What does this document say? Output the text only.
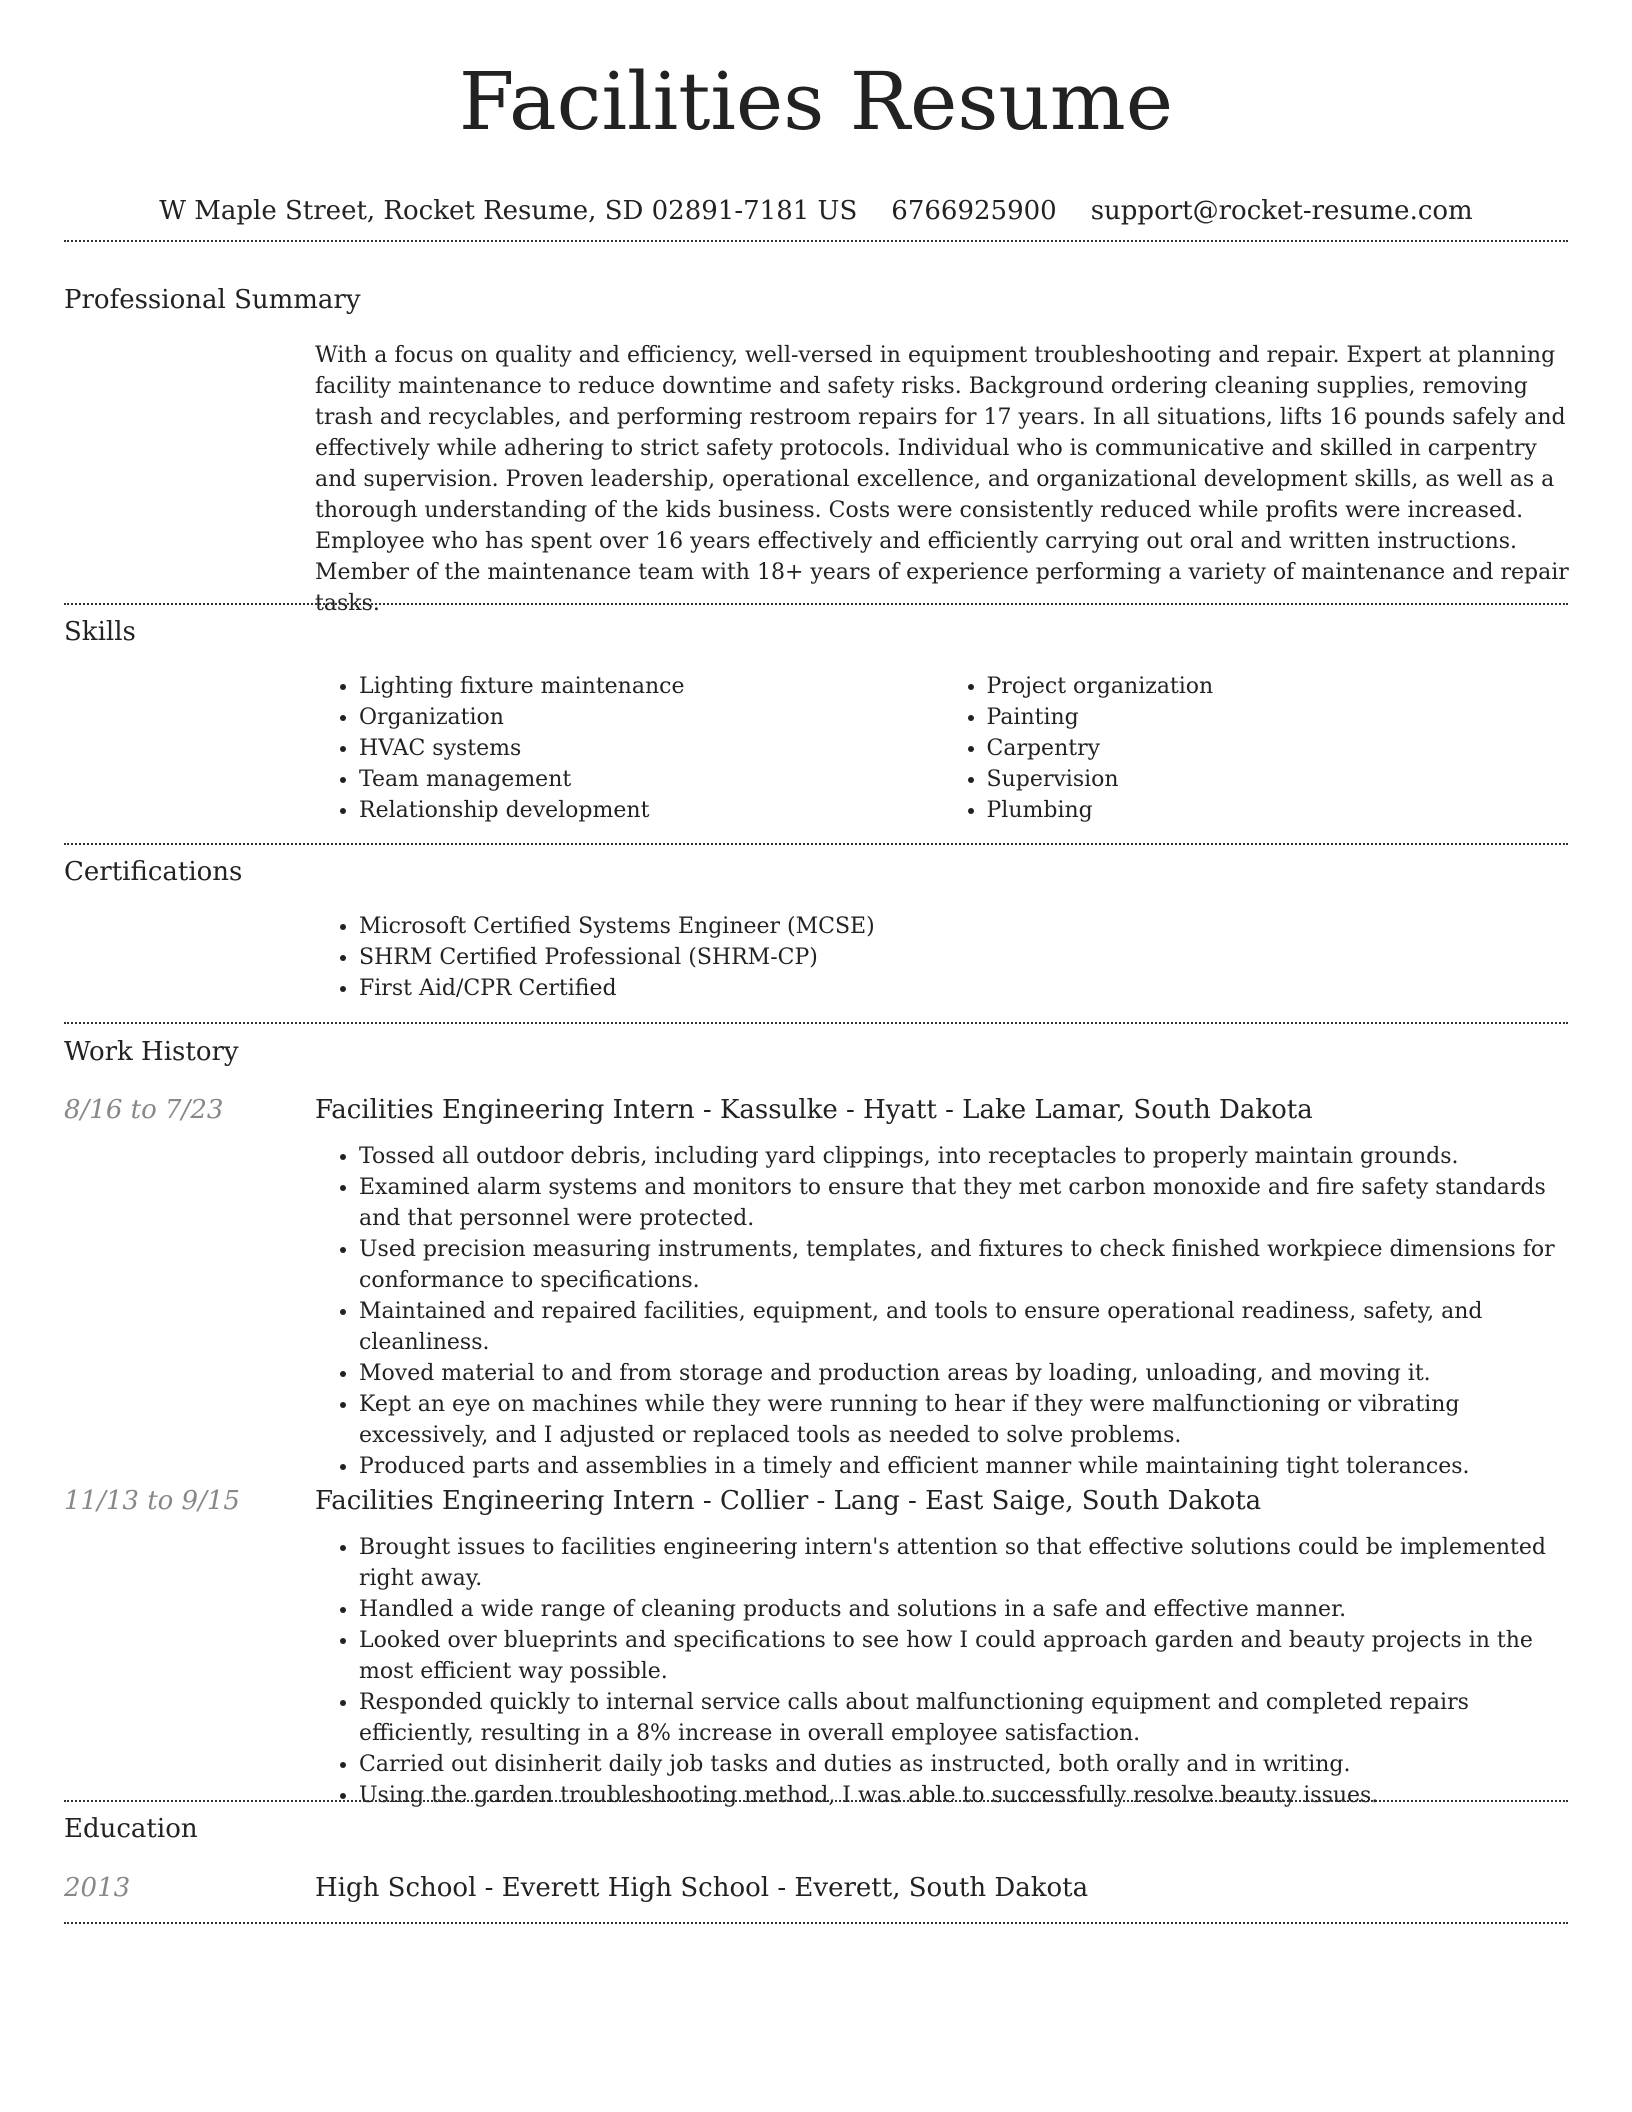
Facilities Resume
W Maple Street, Rocket Resume, SD 02891-7181 US 6766925900 support@rocket-resume.com
Professional Summary

With a focus on quality and efficiency, well-versed in equipment troubleshooting and repair. Expert at planning facility maintenance to reduce downtime and safety risks. Background ordering cleaning supplies, removing trash and recyclables, and performing restroom repairs for 17 years. In all situations, lifts 16 pounds safely and effectively while adhering to strict safety protocols. Individual who is communicative and skilled in carpentry and supervision. Proven leadership, operational excellence, and organizational development skills, as well as a thorough understanding of the kids business. Costs were consistently reduced while profits were increased. Employee who has spent over 16 years effectively and efficiently carrying out oral and written instructions. Member of the maintenance team with 18+ years of experience performing a variety of maintenance and repair tasks.

Skills
• Lighting fixture maintenance
• Organization
• HVAC systems
• Team management
• Relationship development
• Project organization
• Painting
• Carpentry
• Supervision
• Plumbing
Certifications
• Microsoft Certified Systems Engineer (MCSE)
• SHRM Certified Professional (SHRM-CP)
• First Aid/CPR Certified
Work History
8/16 to 7/23	Facilities Engineering Intern - Kassulke - Hyatt - Lake Lamar, South Dakota
• Tossed all outdoor debris, including yard clippings, into receptacles to properly maintain grounds.
• Examined alarm systems and monitors to ensure that they met carbon monoxide and fire safety standards and that personnel were protected.
• Used precision measuring instruments, templates, and fixtures to check finished workpiece dimensions for conformance to specifications.
• Maintained and repaired facilities, equipment, and tools to ensure operational readiness, safety, and cleanliness.
• Moved material to and from storage and production areas by loading, unloading, and moving it.
• Kept an eye on machines while they were running to hear if they were malfunctioning or vibrating excessively, and I adjusted or replaced tools as needed to solve problems.
• Produced parts and assemblies in a timely and efficient manner while maintaining tight tolerances.
11/13 to 9/15	Facilities Engineering Intern - Collier - Lang - East Saige, South Dakota
• Brought issues to facilities engineering intern's attention so that effective solutions could be implemented right away.
• Handled a wide range of cleaning products and solutions in a safe and effective manner.
• Looked over blueprints and specifications to see how I could approach garden and beauty projects in the most efficient way possible.
• Responded quickly to internal service calls about malfunctioning equipment and completed repairs efficiently, resulting in a 8% increase in overall employee satisfaction.
• Carried out disinherit daily job tasks and duties as instructed, both orally and in writing.
• Using the garden troubleshooting method, I was able to successfully resolve beauty issues.
Education
2013	High School - Everett High School - Everett, South Dakota
